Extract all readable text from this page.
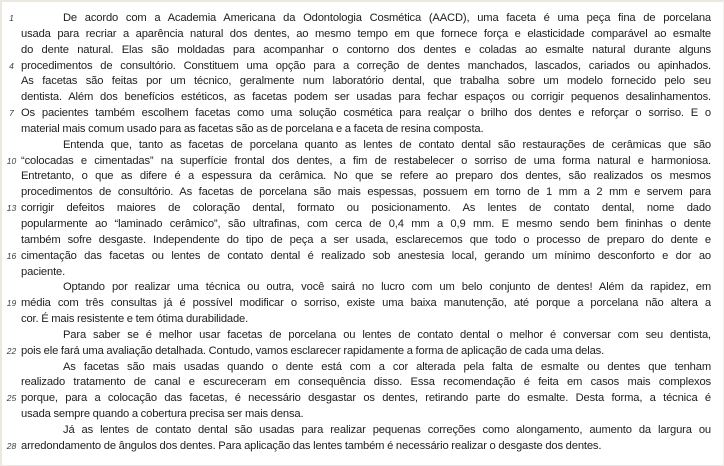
1	De acordo com a Academia Americana da Odontologia Cosmética (AACD), uma faceta é uma peça fina de porcelana
usada para recriar a aparência natural dos dentes, ao mesmo tempo em que fornece força e elasticidade comparável ao esmalte
do dente natural. Elas são moldadas para acompanhar o contorno dos dentes e coladas ao esmalte natural durante alguns
4 procedimentos de consultório. Constituem uma opção para a correção de dentes manchados, lascados, cariados ou apinhados.
As facetas são feitas por um técnico, geralmente num laboratório dental, que trabalha sobre um modelo fornecido pelo seu
dentista. Além dos benefícios estéticos, as facetas podem ser usadas para fechar espaços ou corrigir pequenos desalinhamentos.
7 Os pacientes também escolhem facetas como uma solução cosmética para realçar o brilho dos dentes e reforçar o sorriso. E o
material mais comum usado para as facetas são as de porcelana e a faceta de resina composta.
Entenda que, tanto as facetas de porcelana quanto as lentes de contato dental são restaurações de cerâmicas que são
10 “colocadas e cimentadas” na superfície frontal dos dentes, a fim de restabelecer o sorriso de uma forma natural e harmoniosa.
Entretanto, o que as difere é a espessura da cerâmica. No que se refere ao preparo dos dentes, são realizados os mesmos
procedimentos de consultório. As facetas de porcelana são mais espessas, possuem em torno de 1 mm a 2 mm e servem para
13 corrigir defeitos maiores de coloração dental, formato ou posicionamento. As lentes de contato dental, nome dado
popularmente ao “laminado cerâmico”, são ultrafinas, com cerca de 0,4 mm a 0,9 mm. E mesmo sendo bem fininhas o dente
também sofre desgaste. Independente do tipo de peça a ser usada, esclarecemos que todo o processo de preparo do dente e
16 cimentação das facetas ou lentes de contato dental é realizado sob anestesia local, gerando um mínimo desconforto e dor ao
paciente.
Optando por realizar uma técnica ou outra, você sairá no lucro com um belo conjunto de dentes! Além da rapidez, em
19 média com três consultas já é possível modificar o sorriso, existe uma baixa manutenção, até porque a porcelana não altera a
cor. É mais resistente e tem ótima durabilidade.
Para saber se é melhor usar facetas de porcelana ou lentes de contato dental o melhor é conversar com seu dentista,
22 pois ele fará uma avaliação detalhada. Contudo, vamos esclarecer rapidamente a forma de aplicação de cada uma delas.
As facetas são mais usadas quando o dente está com a cor alterada pela falta de esmalte ou dentes que tenham
realizado tratamento de canal e escureceram em consequência disso. Essa recomendação é feita em casos mais complexos
25 porque, para a colocação das facetas, é necessário desgastar os dentes, retirando parte do esmalte. Desta forma, a técnica é
usada sempre quando a cobertura precisa ser mais densa.
Já as lentes de contato dental são usadas para realizar pequenas correções como alongamento, aumento da largura ou
28 arredondamento de ângulos dos dentes. Para aplicação das lentes também é necessário realizar o desgaste dos dentes.
